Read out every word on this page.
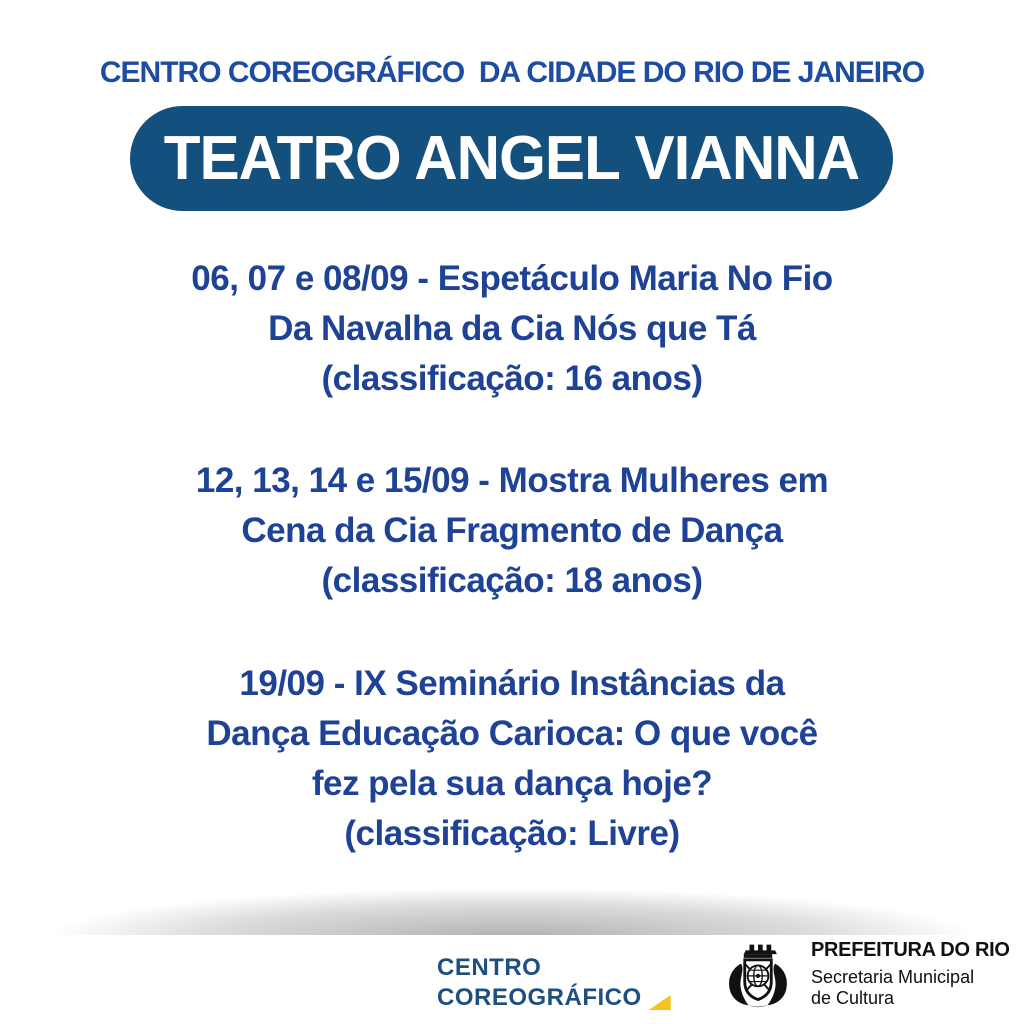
CENTRO COREOGRÁFICO  DA CIDADE DO RIO DE JANEIRO
TEATRO ANGEL VIANNA
06, 07 e 08/09 - Espetáculo Maria No Fio
Da Navalha da Cia Nós que Tá
(classificação: 16 anos)
12, 13, 14 e 15/09 - Mostra Mulheres em
Cena da Cia Fragmento de Dança
(classificação: 18 anos)
19/09 - IX Seminário Instâncias da
Dança Educação Carioca: O que você
fez pela sua dança hoje?
(classificação: Livre)
CENTRO
COREOGRÁFICO
PREFEITURA DO RIO
Secretaria Municipal
de Cultura
